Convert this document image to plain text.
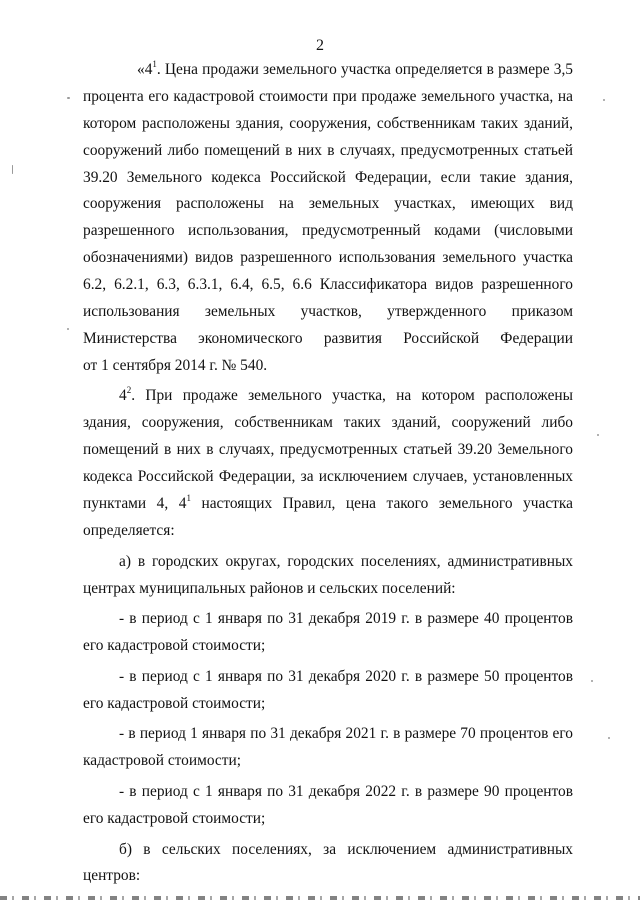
2
«$4^1$. Цена продажи земельного участка определяется в размере 3,5
процента его кадастровой стоимости при продаже земельного участка, на
котором расположены здания, сооружения, собственникам таких зданий,
сооружений либо помещений в них в случаях, предусмотренных статьей
39.20 Земельного кодекса Российской Федерации, если такие здания,
сооружения расположены на земельных участках, имеющих вид
разрешенного использования, предусмотренный кодами (числовыми
обозначениями) видов разрешенного использования земельного участка
6.2, 6.2.1, 6.3, 6.3.1, 6.4, 6.5, 6.6 Классификатора видов разрешенного
использования земельных участков, утвержденного приказом
Министерства экономического развития Российской Федерации
от 1 сентября 2014 г. № 540.
$4^2$. При продаже земельного участка, на котором расположены
здания, сооружения, собственникам таких зданий, сооружений либо
помещений в них в случаях, предусмотренных статьей 39.20 Земельного
кодекса Российской Федерации, за исключением случаев, установленных
пунктами 4, $4^1$ настоящих Правил, цена такого земельного участка
определяется:
а) в городских округах, городских поселениях, административных
центрах муниципальных районов и сельских поселений:
- в период с 1 января по 31 декабря 2019 г. в размере 40 процентов
его кадастровой стоимости;
- в период с 1 января по 31 декабря 2020 г. в размере 50 процентов
его кадастровой стоимости;
- в период 1 января по 31 декабря 2021 г. в размере 70 процентов его
кадастровой стоимости;
- в период с 1 января по 31 декабря 2022 г. в размере 90 процентов
его кадастровой стоимости;
б) в сельских поселениях, за исключением административных
центров:
